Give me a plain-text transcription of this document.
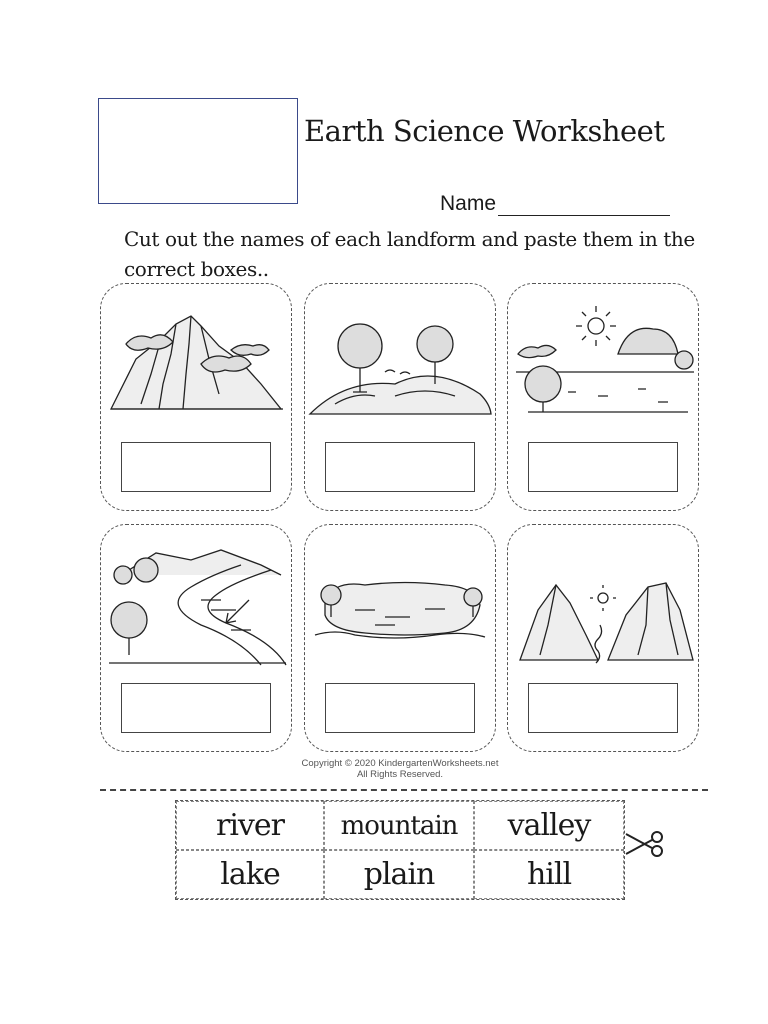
Earth Science Worksheet
Name
Cut out the names of each landform and paste them in the correct boxes..
Copyright © 2020 KindergartenWorksheets.net
All Rights Reserved.
river	mountain	valley
lake	plain	hill
